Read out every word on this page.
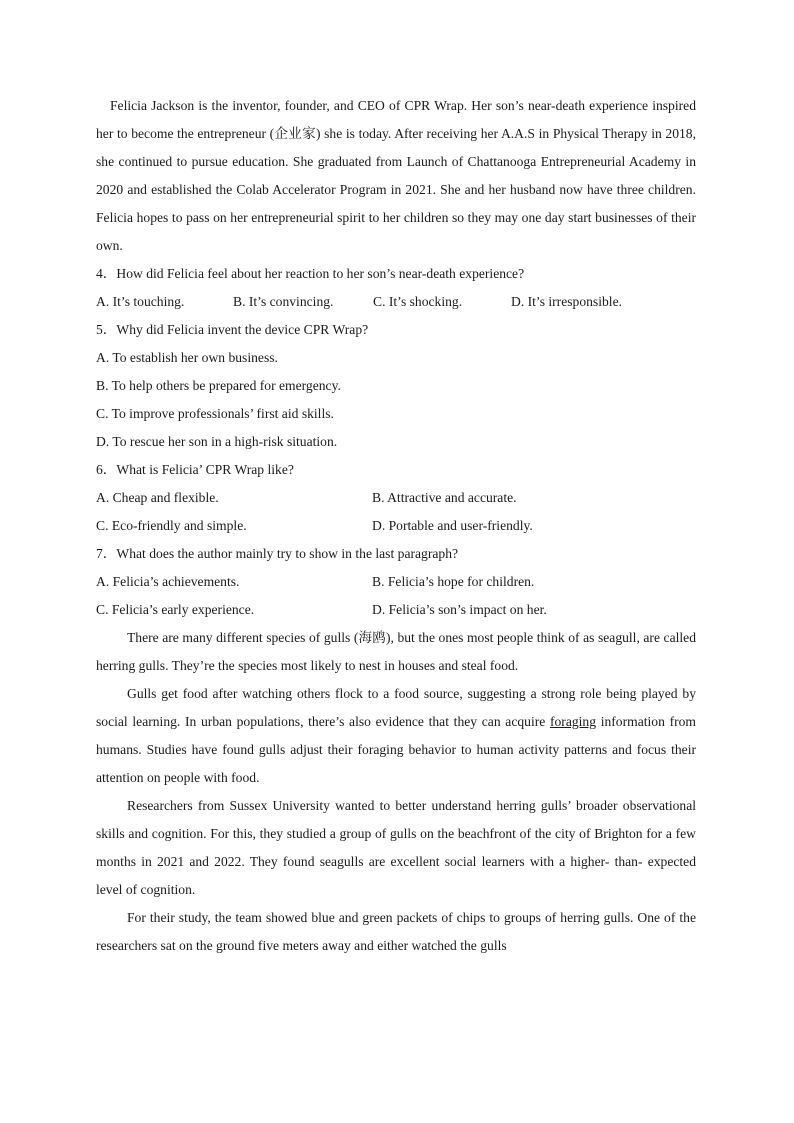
Felicia Jackson is the inventor, founder, and CEO of CPR Wrap. Her son’s near-death experience inspired her to become the entrepreneur (企业家) she is today. After receiving her A.A.S in Physical Therapy in 2018, she continued to pursue education. She graduated from Launch of Chattanooga Entrepreneurial Academy in 2020 and established the Colab Accelerator Program in 2021. She and her husband now have three children. Felicia hopes to pass on her entrepreneurial spirit to her children so they may one day start businesses of their own.

4．How did Felicia feel about her reaction to her son’s near-death experience?

A. It’s touching.	B. It’s convincing.	C. It’s shocking.	D. It’s irresponsible.

5．Why did Felicia invent the device CPR Wrap?

A. To establish her own business.

B. To help others be prepared for emergency.

C. To improve professionals’ first aid skills.

D. To rescue her son in a high-risk situation.

6．What is Felicia’ CPR Wrap like?

A. Cheap and flexible.	B. Attractive and accurate.
C. Eco-friendly and simple.	D. Portable and user-friendly.

7．What does the author mainly try to show in the last paragraph?

A. Felicia’s achievements.	B. Felicia’s hope for children.
C. Felicia’s early experience.	D. Felicia’s son’s impact on her.

There are many different species of gulls (海鸥), but the ones most people think of as seagull, are called herring gulls. They’re the species most likely to nest in houses and steal food.

Gulls get food after watching others flock to a food source, suggesting a strong role being played by social learning. In urban populations, there’s also evidence that they can acquire foraging information from humans. Studies have found gulls adjust their foraging behavior to human activity patterns and focus their attention on people with food.

Researchers from Sussex University wanted to better understand herring gulls’ broader observational skills and cognition. For this, they studied a group of gulls on the beachfront of the city of Brighton for a few months in 2021 and 2022. They found seagulls are excellent social learners with a higher- than- expected level of cognition.

For their study, the team showed blue and green packets of chips to groups of herring gulls. One of the researchers sat on the ground five meters away and either watched the gulls
